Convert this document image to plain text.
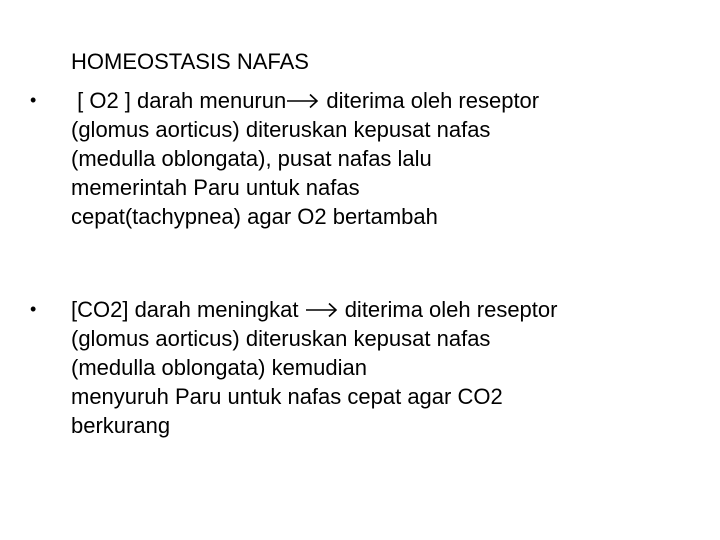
HOMEOSTASIS NAFAS
• [ O2 ] darah menurun diterima oleh reseptor
(glomus aorticus) diteruskan kepusat nafas
(medulla oblongata), pusat nafas lalu
memerintah Paru untuk nafas
cepat(tachypnea) agar O2 bertambah
• [CO2] darah meningkat  diterima oleh reseptor
(glomus aorticus) diteruskan kepusat nafas
(medulla oblongata) kemudian
menyuruh Paru untuk nafas cepat agar CO2
berkurang
